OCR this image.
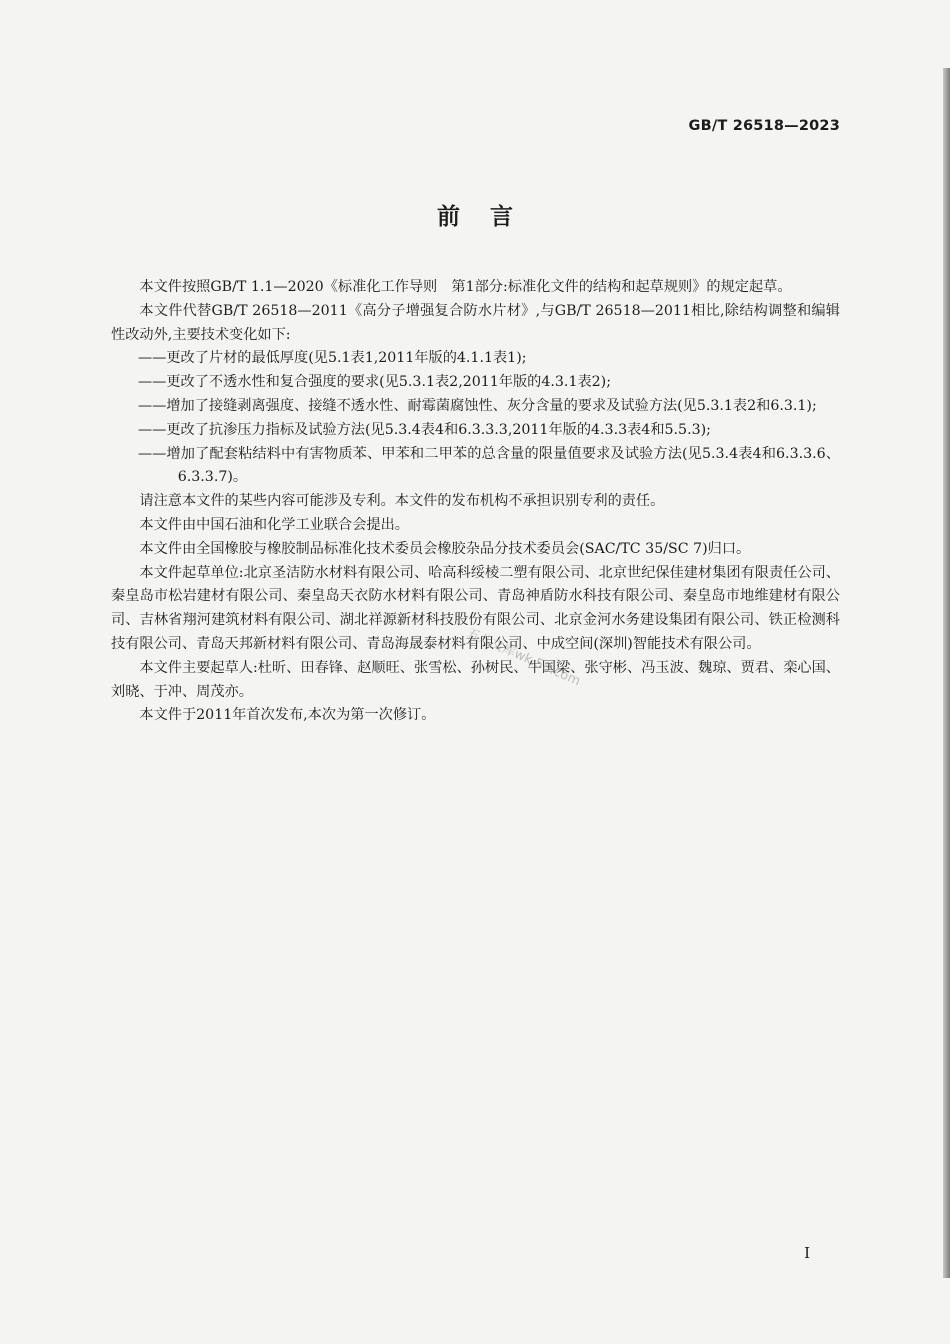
GB/T 26518—2023
前言

本文件按照GB/T 1.1—2020《标准化工作导则　第1部分:标准化文件的结构和起草规则》的规定起草。

本文件代替GB/T 26518—2011《高分子增强复合防水片材》,与GB/T 26518—2011相比,除结构调整和编辑性改动外,主要技术变化如下:

——更改了片材的最低厚度(见5.1表1,2011年版的4.1.1表1);
——更改了不透水性和复合强度的要求(见5.3.1表2,2011年版的4.3.1表2);
——增加了接缝剥离强度、接缝不透水性、耐霉菌腐蚀性、灰分含量的要求及试验方法(见5.3.1表2和6.3.1);
——更改了抗渗压力指标及试验方法(见5.3.4表4和6.3.3.3,2011年版的4.3.3表4和5.5.3);
——增加了配套粘结料中有害物质苯、甲苯和二甲苯的总含量的限量值要求及试验方法(见5.3.4表4和6.3.3.6、6.3.3.7)。

请注意本文件的某些内容可能涉及专利。本文件的发布机构不承担识别专利的责任。

本文件由中国石油和化学工业联合会提出。

本文件由全国橡胶与橡胶制品标准化技术委员会橡胶杂品分技术委员会(SAC/TC 35/SC 7)归口。

本文件起草单位:北京圣洁防水材料有限公司、哈高科绥棱二塑有限公司、北京世纪保佳建材集团有限责任公司、秦皇岛市松岩建材有限公司、秦皇岛天衣防水材料有限公司、青岛神盾防水科技有限公司、秦皇岛市地维建材有限公司、吉林省翔河建筑材料有限公司、湖北祥源新材科技股份有限公司、北京金河水务建设集团有限公司、铁正检测科技有限公司、青岛天邦新材料有限公司、青岛海晟泰材料有限公司、中成空间(深圳)智能技术有限公司。

本文件主要起草人:杜昕、田春锋、赵顺旺、张雪松、孙树民、牛国梁、张守彬、冯玉波、魏琼、贾君、栾心国、刘晓、于冲、周茂亦。

本文件于2011年首次发布,本次为第一次修订。

五八文库wk.58.com
I
